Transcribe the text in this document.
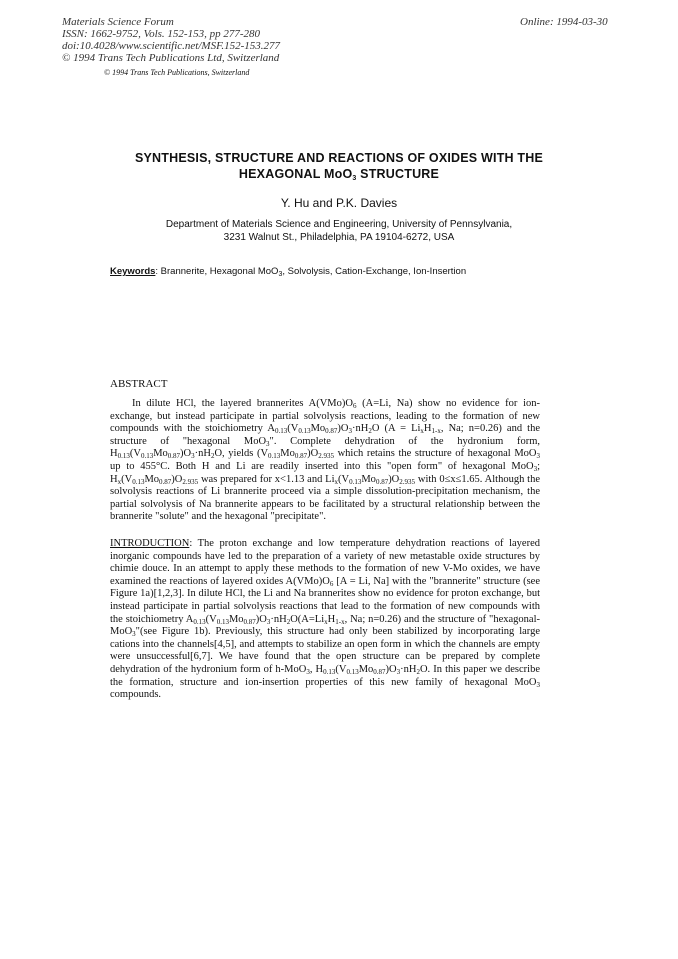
Materials Science Forum
ISSN: 1662-9752, Vols. 152-153, pp 277-280
doi:10.4028/www.scientific.net/MSF.152-153.277
© 1994 Trans Tech Publications Ltd, Switzerland
Online: 1994-03-30
© 1994 Trans Tech Publications, Switzerland
SYNTHESIS, STRUCTURE AND REACTIONS OF OXIDES WITH THE
HEXAGONAL MoO$_3$ STRUCTURE
Y. Hu and P.K. Davies
Department of Materials Science and Engineering, University of Pennsylvania,
3231 Walnut St., Philadelphia, PA 19104-6272, USA
Keywords: Brannerite, Hexagonal MoO$_3$, Solvolysis, Cation-Exchange, Ion-Insertion
ABSTRACT
In dilute HCl, the layered brannerites $A(VMo)O_6$ (A=Li, Na) show no evidence for ion-exchange, but instead participate in partial solvolysis reactions, leading to the formation of new compounds with the stoichiometry $A_{0.13}(V_{0.13}Mo_{0.87})O_3\cdot nH_2O$ ($A = Li_xH_{1-x}$, Na; n=0.26) and the structure of "hexagonal MoO$_3$". Complete dehydration of the hydronium form, $H_{0.13}(V_{0.13}Mo_{0.87})O_3\cdot nH_2O$, yields $(V_{0.13}Mo_{0.87})O_{2.935}$ which retains the structure of hexagonal MoO$_3$ up to 455°C. Both H and Li are readily inserted into this "open form" of hexagonal MoO$_3$; $H_x(V_{0.13}Mo_{0.87})O_{2.935}$ was prepared for x<1.13 and $Li_x(V_{0.13}Mo_{0.87})O_{2.935}$ with 0≤x≤1.65. Although the solvolysis reactions of Li brannerite proceed via a simple dissolution-precipitation mechanism, the partial solvolysis of Na brannerite appears to be facilitated by a structural relationship between the brannerite "solute" and the hexagonal "precipitate".
INTRODUCTION: The proton exchange and low temperature dehydration reactions of layered inorganic compounds have led to the preparation of a variety of new metastable oxide structures by chimie douce. In an attempt to apply these methods to the formation of new V-Mo oxides, we have examined the reactions of layered oxides $A(VMo)O_6$ [A = Li, Na] with the "brannerite" structure (see Figure 1a)[1,2,3]. In dilute HCl, the Li and Na brannerites show no evidence for proton exchange, but instead participate in partial solvolysis reactions that lead to the formation of new compounds with the stoichiometry $A_{0.13}(V_{0.13}Mo_{0.87})O_3\cdot nH_2O(A=Li_xH_{1-x}$, Na; n=0.26) and the structure of "hexagonal-MoO$_3$"(see Figure 1b). Previously, this structure had only been stabilized by incorporating large cations into the channels[4,5], and attempts to stabilize an open form in which the channels are empty were unsuccessful[6,7]. We have found that the open structure can be prepared by complete dehydration of the hydronium form of h-MoO$_3$, $H_{0.13}(V_{0.13}Mo_{0.87})O_3\cdot nH_2O$. In this paper we describe the formation, structure and ion-insertion properties of this new family of hexagonal MoO$_3$ compounds.
